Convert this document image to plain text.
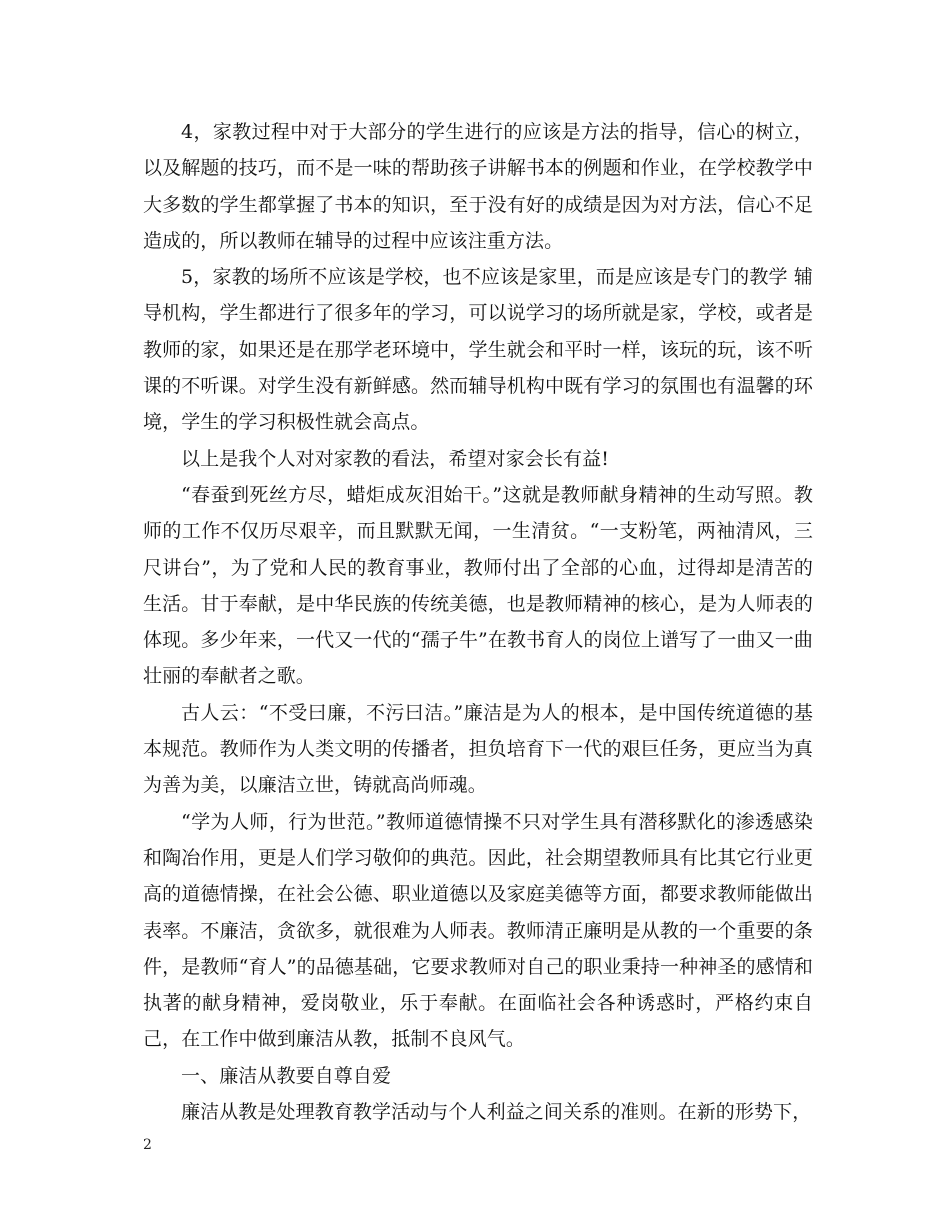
4，家教过程中对于大部分的学生进行的应该是方法的指导，信心的树立，以及解题的技巧，而不是一味的帮助孩子讲解书本的例题和作业，在学校教学中大多数的学生都掌握了书本的知识，至于没有好的成绩是因为对方法，信心不足造成的，所以教师在辅导的过程中应该注重方法。

5，家教的场所不应该是学校，也不应该是家里，而是应该是专门的教学 辅导机构，学生都进行了很多年的学习，可以说学习的场所就是家，学校，或者是教师的家，如果还是在那学老环境中，学生就会和平时一样，该玩的玩，该不听课的不听课。对学生没有新鲜感。然而辅导机构中既有学习的氛围也有温馨的环境，学生的学习积极性就会高点。

以上是我个人对对家教的看法，希望对家会长有益!

“春蚕到死丝方尽，蜡炬成灰泪始干。”这就是教师献身精神的生动写照。教师的工作不仅历尽艰辛，而且默默无闻，一生清贫。“一支粉笔，两袖清风，三尺讲台”，为了党和人民的教育事业，教师付出了全部的心血，过得却是清苦的生活。甘于奉献，是中华民族的传统美德，也是教师精神的核心，是为人师表的体现。多少年来，一代又一代的“孺子牛”在教书育人的岗位上谱写了一曲又一曲壮丽的奉献者之歌。

古人云：“不受曰廉，不污曰洁。”廉洁是为人的根本，是中国传统道德的基本规范。教师作为人类文明的传播者，担负培育下一代的艰巨任务，更应当为真为善为美，以廉洁立世，铸就高尚师魂。

“学为人师，行为世范。”教师道德情操不只对学生具有潜移默化的渗透感染和陶冶作用，更是人们学习敬仰的典范。因此，社会期望教师具有比其它行业更高的道德情操，在社会公德、职业道德以及家庭美德等方面，都要求教师能做出表率。不廉洁，贪欲多，就很难为人师表。教师清正廉明是从教的一个重要的条件，是教师“育人”的品德基础，它要求教师对自己的职业秉持一种神圣的感情和执著的献身精神，爱岗敬业，乐于奉献。在面临社会各种诱惑时，严格约束自己，在工作中做到廉洁从教，抵制不良风气。

一、廉洁从教要自尊自爱

廉洁从教是处理教育教学活动与个人利益之间关系的准则。在新的形势下，

2
